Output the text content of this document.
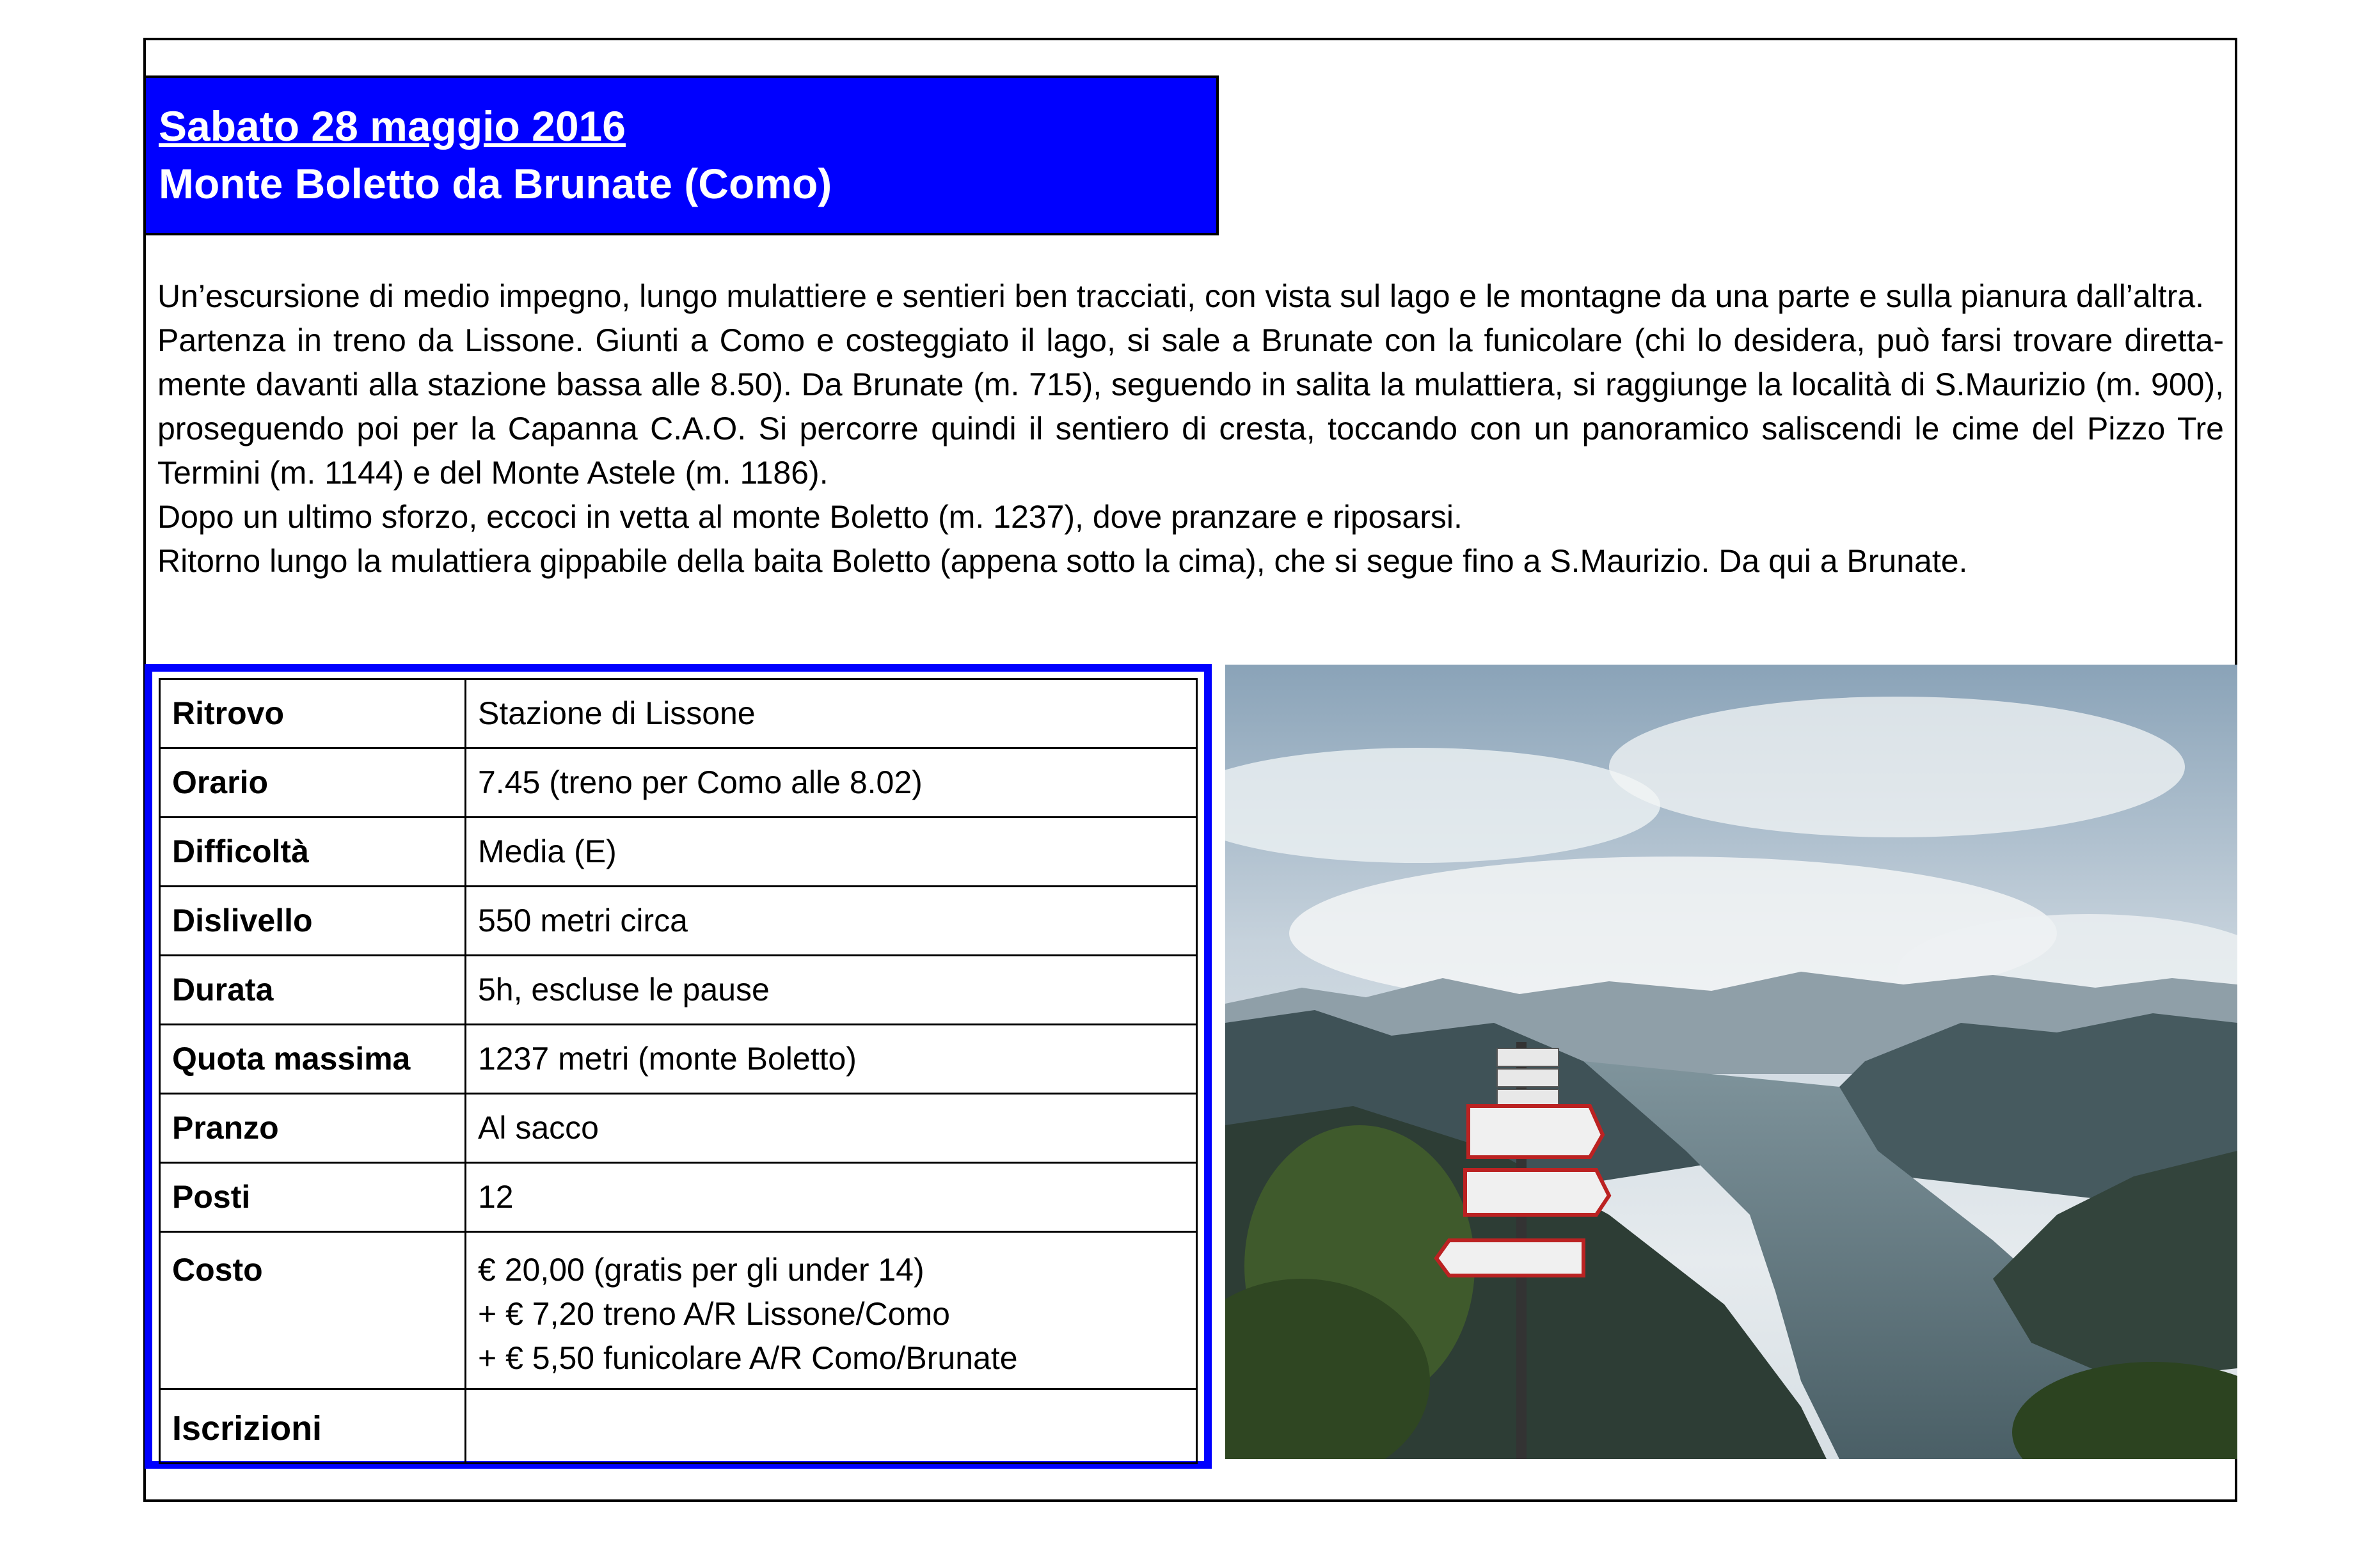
Sabato 28 maggio 2016
Monte Boletto da Brunate (Como)

Un’escursione di medio impegno, lungo mulattiere e sentieri ben tracciati, con vista sul lago e le montagne da una parte e sulla pianura dall’altra.

Partenza in treno da Lissone. Giunti a Como e costeggiato il lago, si sale a Brunate con la funicolare (chi lo desidera, può farsi trovare direttamente davanti alla stazione bassa alle 8.50). Da Brunate (m. 715), seguendo in salita la mulattiera, si raggiunge la località di S.Maurizio (m. 900), proseguendo poi per la Capanna C.A.O. Si percorre quindi il sentiero di cresta, toccando con un panoramico saliscendi le cime del Pizzo Tre Termini (m. 1144) e del Monte Astele (m. 1186).

Dopo un ultimo sforzo, eccoci in vetta al monte Boletto (m. 1237), dove pranzare e riposarsi.

Ritorno lungo la mulattiera gippabile della baita Boletto (appena sotto la cima), che si segue fino a S.Maurizio. Da qui a Brunate.

Ritrovo	Stazione di Lissone
Orario	7.45 (treno per Como alle 8.02)
Difficoltà	Media (E)
Dislivello	550 metri circa
Durata	5h, escluse le pause
Quota massima	1237 metri (monte Boletto)
Pranzo	Al sacco
Posti	12
Costo	€ 20,00 (gratis per gli under 14)
+ € 7,20 treno A/R Lissone/Como
+ € 5,50 funicolare A/R Como/Brunate

Iscrizioni	
